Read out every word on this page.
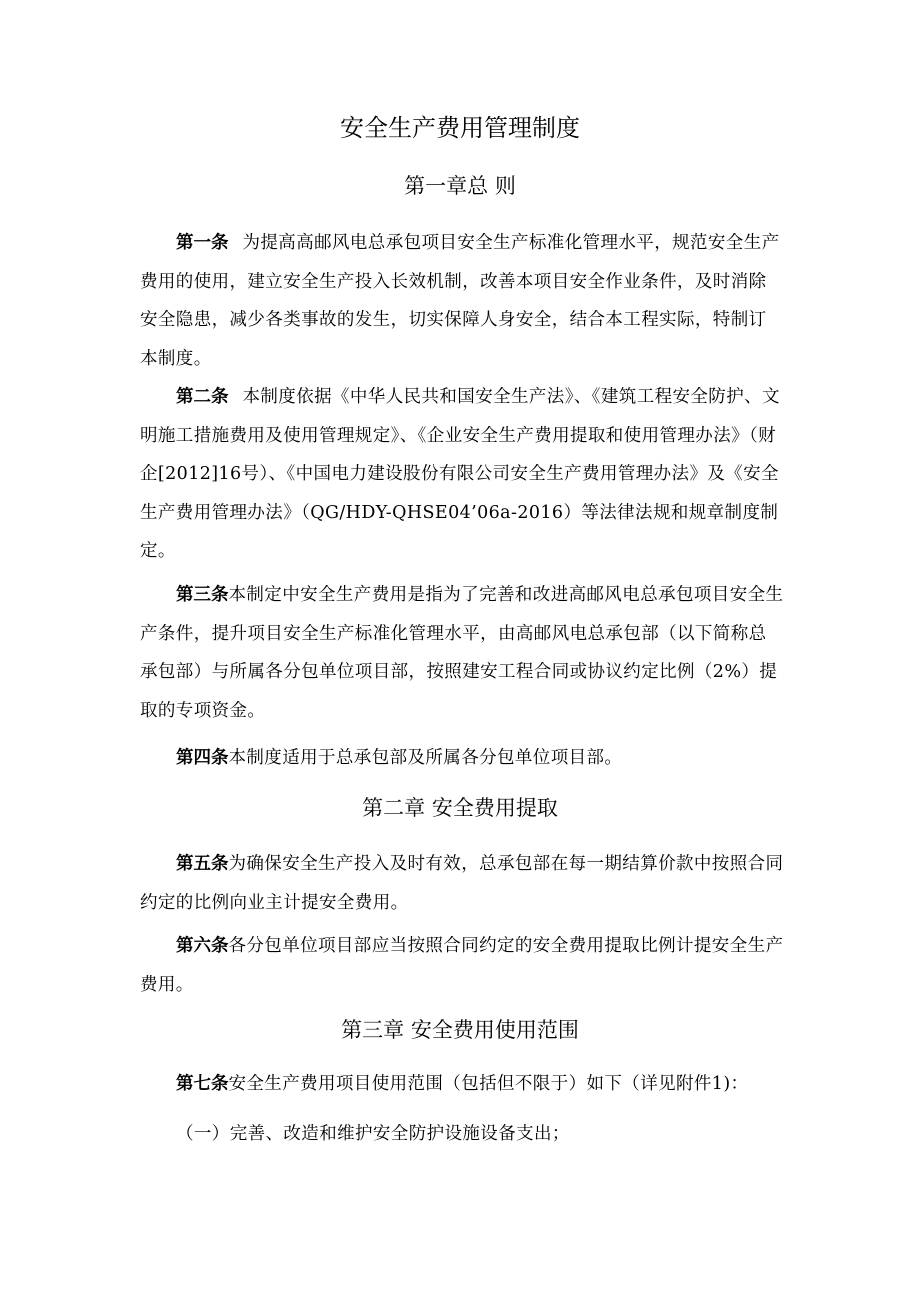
安全生产费用管理制度
第一章总 则

第一条 为提高高邮风电总承包项目安全生产标准化管理水平，规范安全生产费用的使用，建立安全生产投入长效机制，改善本项目安全作业条件，及时消除安全隐患，减少各类事故的发生，切实保障人身安全，结合本工程实际，特制订本制度。

第二条 本制度依据《中华人民共和国安全生产法》、《建筑工程安全防护、文明施工措施费用及使用管理规定》、《企业安全生产费用提取和使用管理办法》（财企[2012]16号）、《中国电力建设股份有限公司安全生产费用管理办法》及《安全生产费用管理办法》（QG/HDY-QHSE04’06a-2016）等法律法规和规章制度制定。

第三条本制定中安全生产费用是指为了完善和改进高邮风电总承包项目安全生产条件，提升项目安全生产标准化管理水平，由高邮风电总承包部（以下简称总承包部）与所属各分包单位项目部，按照建安工程合同或协议约定比例（2%）提取的专项资金。

第四条本制度适用于总承包部及所属各分包单位项目部。

第二章 安全费用提取

第五条为确保安全生产投入及时有效，总承包部在每一期结算价款中按照合同约定的比例向业主计提安全费用。

第六条各分包单位项目部应当按照合同约定的安全费用提取比例计提安全生产费用。

第三章 安全费用使用范围

第七条安全生产费用项目使用范围（包括但不限于）如下（详见附件1)：

（一）完善、改造和维护安全防护设施设备支出；
